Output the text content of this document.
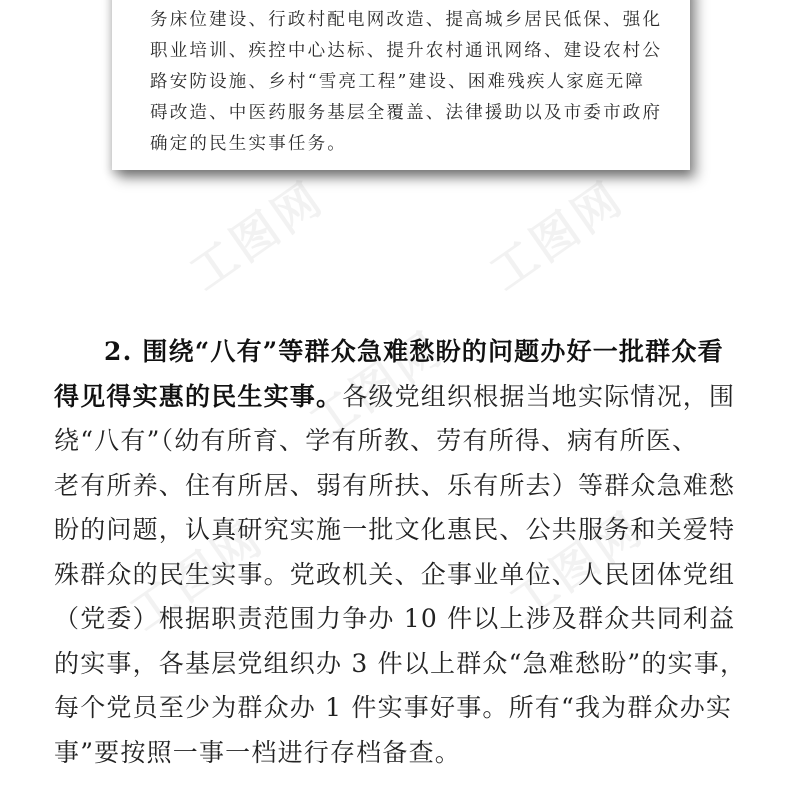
务床位建设、行政村配电网改造、提高城乡居民低保、强化
职业培训、疾控中心达标、提升农村通讯网络、建设农村公
路安防设施、乡村“雪亮工程”建设、困难残疾人家庭无障
碍改造、中医药服务基层全覆盖、法律援助以及市委市政府
确定的民生实事任务。
工图网	工图网
工图网
工图网	工图网
2. 围绕“八有”等群众急难愁盼的问题办好一批群众看
得见得实惠的民生实事。各级党组织根据当地实际情况，围
绕“八有”（幼有所育、学有所教、劳有所得、病有所医、
老有所养、住有所居、弱有所扶、乐有所去）等群众急难愁
盼的问题，认真研究实施一批文化惠民、公共服务和关爱特
殊群众的民生实事。党政机关、企事业单位、人民团体党组
（党委）根据职责范围力争办 10 件以上涉及群众共同利益
的实事，各基层党组织办 3 件以上群众“急难愁盼”的实事，
每个党员至少为群众办 1 件实事好事。所有“我为群众办实
事”要按照一事一档进行存档备查。
